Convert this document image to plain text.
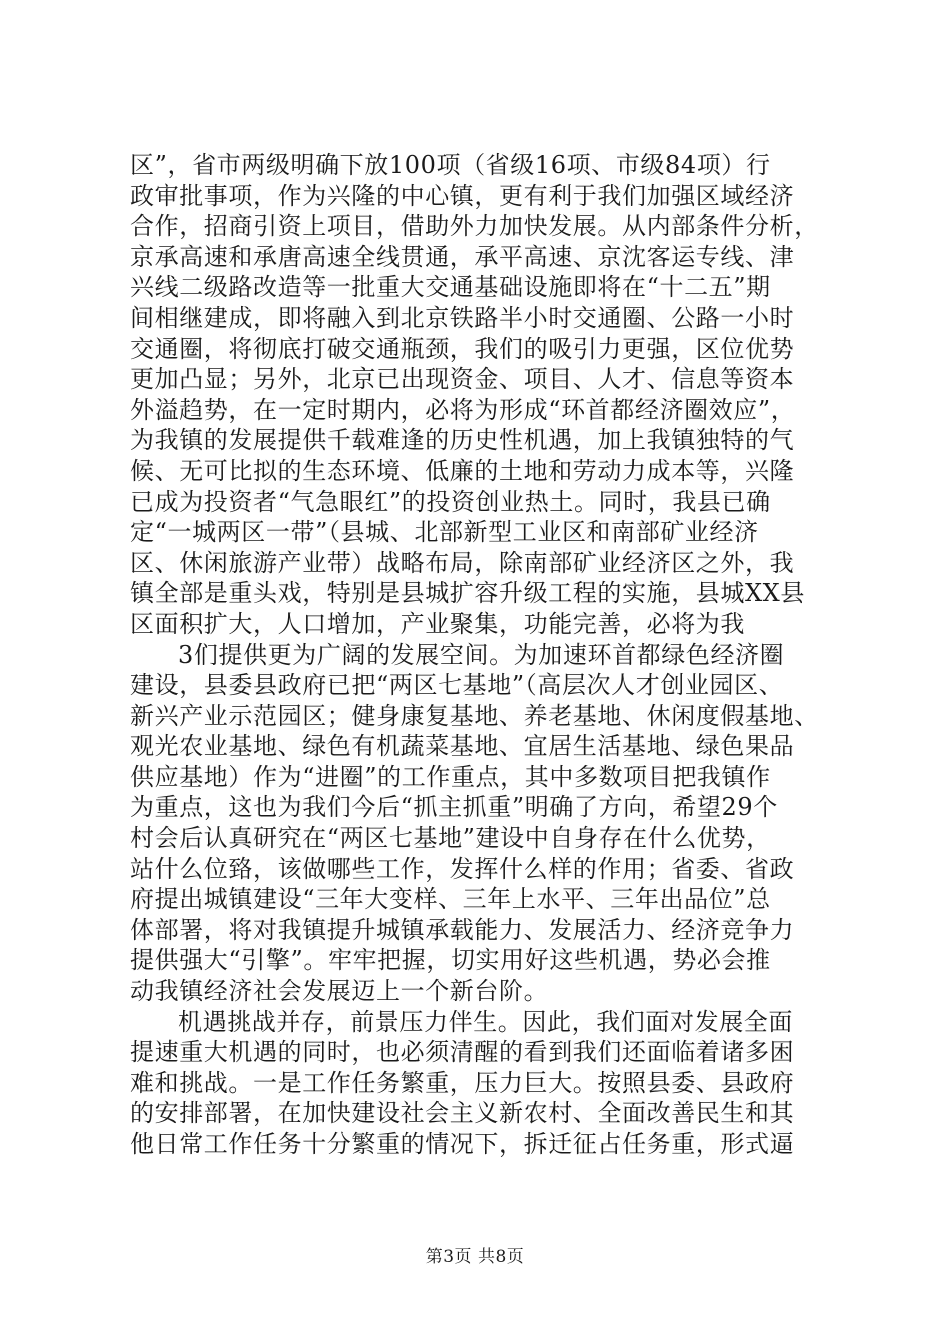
区”，省市两级明确下放100项（省级16项、市级84项）行
政审批事项，作为兴隆的中心镇，更有利于我们加强区域经济
合作，招商引资上项目，借助外力加快发展。从内部条件分析，
京承高速和承唐高速全线贯通，承平高速、京沈客运专线、津
兴线二级路改造等一批重大交通基础设施即将在“十二五”期
间相继建成，即将融入到北京铁路半小时交通圈、公路一小时
交通圈，将彻底打破交通瓶颈，我们的吸引力更强，区位优势
更加凸显；另外，北京已出现资金、项目、人才、信息等资本
外溢趋势，在一定时期内，必将为形成“环首都经济圈效应”，
为我镇的发展提供千载难逢的历史性机遇，加上我镇独特的气
候、无可比拟的生态环境、低廉的土地和劳动力成本等，兴隆
已成为投资者“气急眼红”的投资创业热土。同时，我县已确
定“一城两区一带”（县城、北部新型工业区和南部矿业经济
区、休闲旅游产业带）战略布局，除南部矿业经济区之外，我
镇全部是重头戏，特别是县城扩容升级工程的实施，县城XX县
区面积扩大，人口增加，产业聚集，功能完善，必将为我
3们提供更为广阔的发展空间。为加速环首都绿色经济圈
建设，县委县政府已把“两区七基地”（高层次人才创业园区、
新兴产业示范园区；健身康复基地、养老基地、休闲度假基地、
观光农业基地、绿色有机蔬菜基地、宜居生活基地、绿色果品
供应基地）作为“进圈”的工作重点，其中多数项目把我镇作
为重点，这也为我们今后“抓主抓重”明确了方向，希望29个
村会后认真研究在“两区七基地”建设中自身存在什么优势，
站什么位臵，该做哪些工作，发挥什么样的作用；省委、省政
府提出城镇建设“三年大变样、三年上水平、三年出品位”总
体部署，将对我镇提升城镇承载能力、发展活力、经济竞争力
提供强大“引擎”。牢牢把握，切实用好这些机遇，势必会推
动我镇经济社会发展迈上一个新台阶。
机遇挑战并存，前景压力伴生。因此，我们面对发展全面
提速重大机遇的同时，也必须清醒的看到我们还面临着诸多困
难和挑战。一是工作任务繁重，压力巨大。按照县委、县政府
的安排部署，在加快建设社会主义新农村、全面改善民生和其
他日常工作任务十分繁重的情况下，拆迁征占任务重，形式逼
第3页 共8页
